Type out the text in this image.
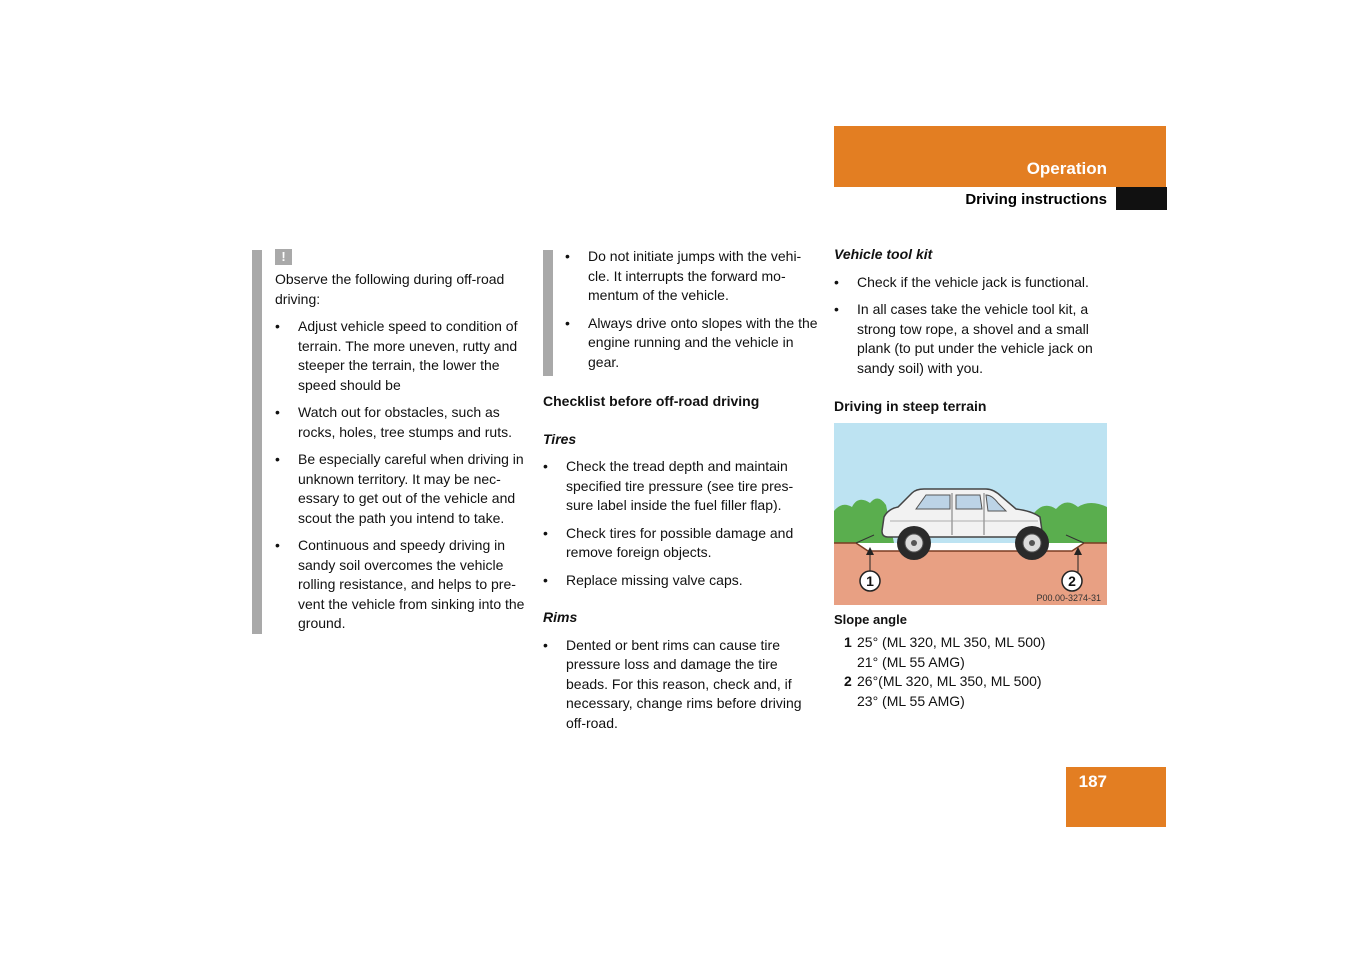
Operation
Driving instructions
!

Observe the following during off-road driving:

• Adjust vehicle speed to condition of terrain. The more uneven, rutty and steeper the terrain, the lower the speed should be
• Watch out for obstacles, such as rocks, holes, tree stumps and ruts.
• Be especially careful when driving in unknown territory. It may be nec-essary to get out of the vehicle and scout the path you intend to take.
• Continuous and speedy driving in sandy soil overcomes the vehicle rolling resistance, and helps to pre-vent the vehicle from sinking into the ground.
• Do not initiate jumps with the vehi-cle. It interrupts the forward mo-mentum of the vehicle.
• Always drive onto slopes with the the engine running and the vehicle in gear.

Checklist before off-road driving

Tires

• Check the tread depth and maintain specified tire pressure (see tire pres-sure label inside the fuel filler flap).
• Check tires for possible damage and remove foreign objects.
• Replace missing valve caps.

Rims

• Dented or bent rims can cause tire pressure loss and damage the tire beads. For this reason, check and, if necessary, change rims before driving off-road.

Vehicle tool kit

• Check if the vehicle jack is functional.
• In all cases take the vehicle tool kit, a strong tow rope, a shovel and a small plank (to put under the vehicle jack on sandy soil) with you.

Driving in steep terrain

1	2
P00.00-3274-31
Slope angle
1 25° (ML 320, ML 350, ML 500)
21° (ML 55 AMG)
2 26°(ML 320, ML 350, ML 500)
23° (ML 55 AMG)
187
